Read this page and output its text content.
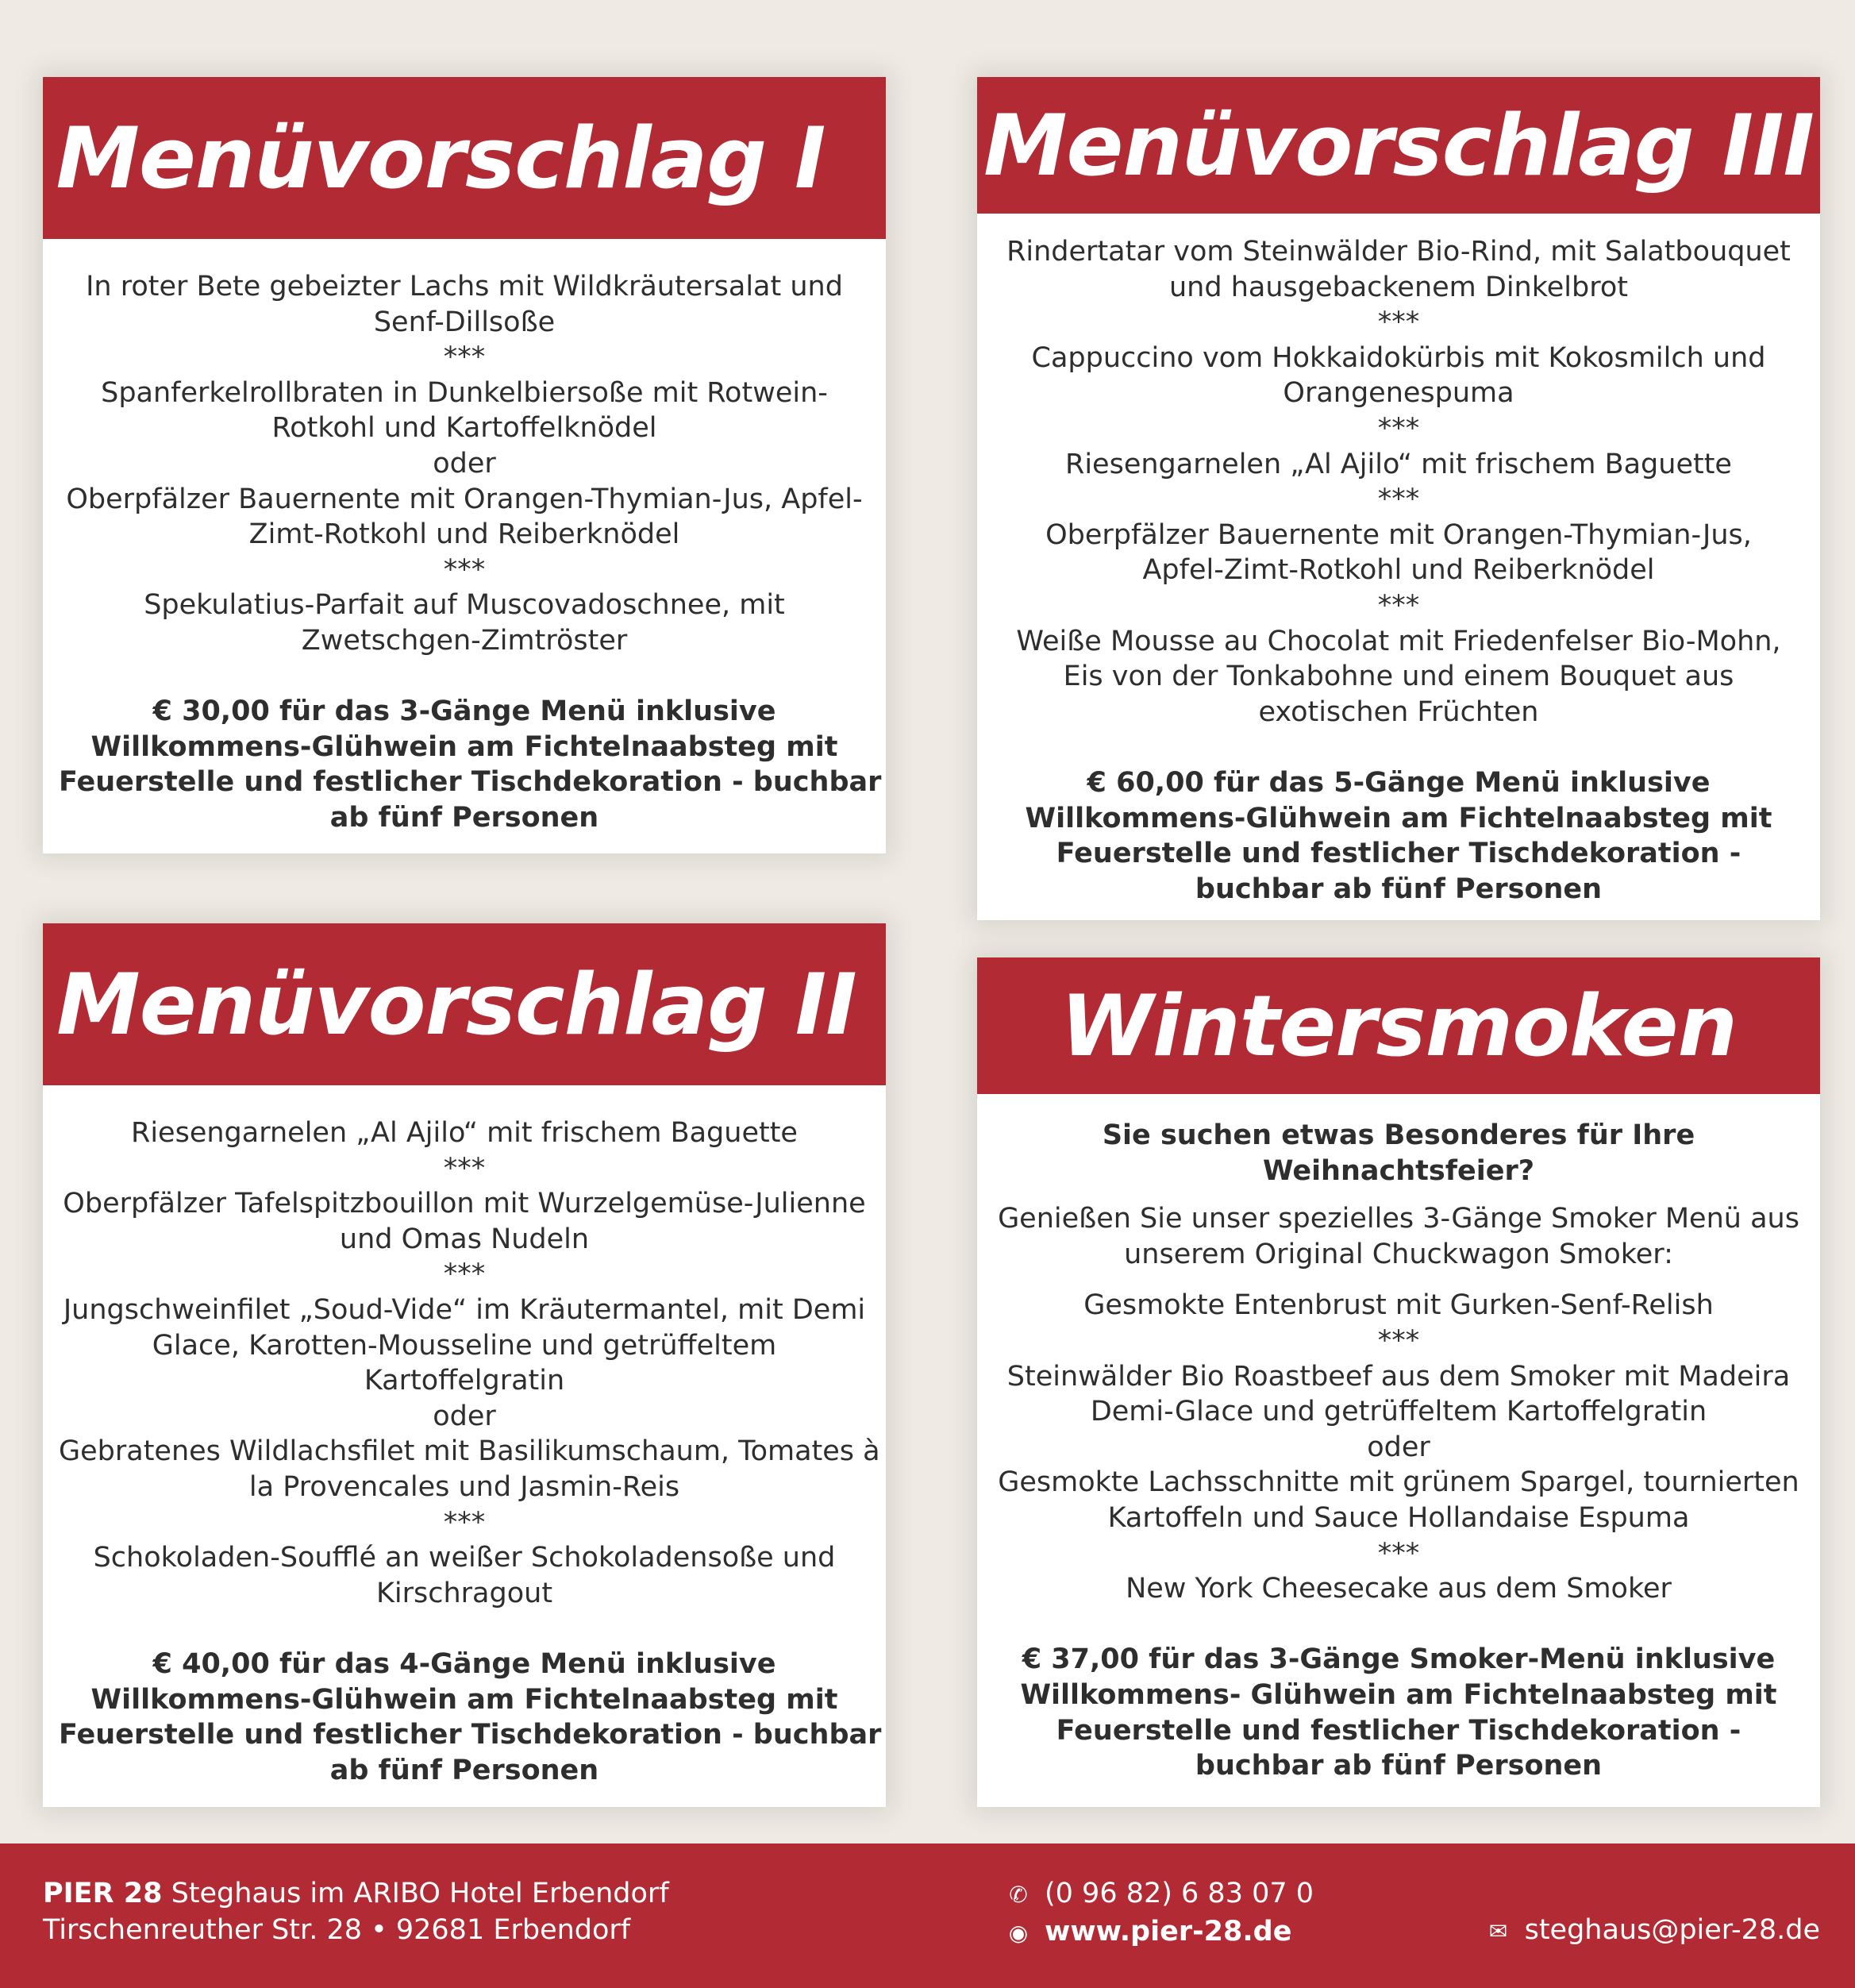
Menüvorschlag I
In roter Bete gebeizter Lachs mit Wildkräutersalat und
Senf-Dillsoße
***
Spanferkelrollbraten in Dunkelbiersoße mit Rotwein-
Rotkohl und Kartoffelknödel
oder
Oberpfälzer Bauernente mit Orangen-Thymian-Jus, Apfel-
Zimt-Rotkohl und Reiberknödel
***
Spekulatius-Parfait auf Muscovadoschnee, mit
Zwetschgen-Zimtröster
€ 30,00 für das 3-Gänge Menü inklusive
Willkommens-Glühwein am Fichtelnaabsteg mit
Feuerstelle und festlicher Tischdekoration - buchbar
ab fünf Personen
Menüvorschlag III
Rindertatar vom Steinwälder Bio-Rind, mit Salatbouquet
und hausgebackenem Dinkelbrot
***
Cappuccino vom Hokkaidokürbis mit Kokosmilch und
Orangenespuma
***
Riesengarnelen „Al Ajilo“ mit frischem Baguette
***
Oberpfälzer Bauernente mit Orangen-Thymian-Jus,
Apfel-Zimt-Rotkohl und Reiberknödel
***
Weiße Mousse au Chocolat mit Friedenfelser Bio-Mohn,
Eis von der Tonkabohne und einem Bouquet aus
exotischen Früchten
€ 60,00 für das 5-Gänge Menü inklusive
Willkommens-Glühwein am Fichtelnaabsteg mit
Feuerstelle und festlicher Tischdekoration -
buchbar ab fünf Personen
Menüvorschlag II
Riesengarnelen „Al Ajilo“ mit frischem Baguette
***
Oberpfälzer Tafelspitzbouillon mit Wurzelgemüse-Julienne
und Omas Nudeln
***
Jungschweinfilet „Soud-Vide“ im Kräutermantel, mit Demi
Glace, Karotten-Mousseline und getrüffeltem
Kartoffelgratin
oder
Gebratenes Wildlachsfilet mit Basilikumschaum, Tomates à
la Provencales und Jasmin-Reis
***
Schokoladen-Soufflé an weißer Schokoladensoße und
Kirschragout
€ 40,00 für das 4-Gänge Menü inklusive
Willkommens-Glühwein am Fichtelnaabsteg mit
Feuerstelle und festlicher Tischdekoration - buchbar
ab fünf Personen
Wintersmoken
Sie suchen etwas Besonderes für Ihre
Weihnachtsfeier?
Genießen Sie unser spezielles 3-Gänge Smoker Menü aus
unserem Original Chuckwagon Smoker:
Gesmokte Entenbrust mit Gurken-Senf-Relish
***
Steinwälder Bio Roastbeef aus dem Smoker mit Madeira
Demi-Glace und getrüffeltem Kartoffelgratin
oder
Gesmokte Lachsschnitte mit grünem Spargel, tournierten
Kartoffeln und Sauce Hollandaise Espuma
***
New York Cheesecake aus dem Smoker
€ 37,00 für das 3-Gänge Smoker-Menü inklusive
Willkommens- Glühwein am Fichtelnaabsteg mit
Feuerstelle und festlicher Tischdekoration -
buchbar ab fünf Personen
PIER 28 Steghaus im ARIBO Hotel Erbendorf
Tirschenreuther Str. 28 • 92681 Erbendorf
✆ (0 96 82) 6 83 07 0
◉ www.pier-28.de	✉ steghaus@pier-28.de
